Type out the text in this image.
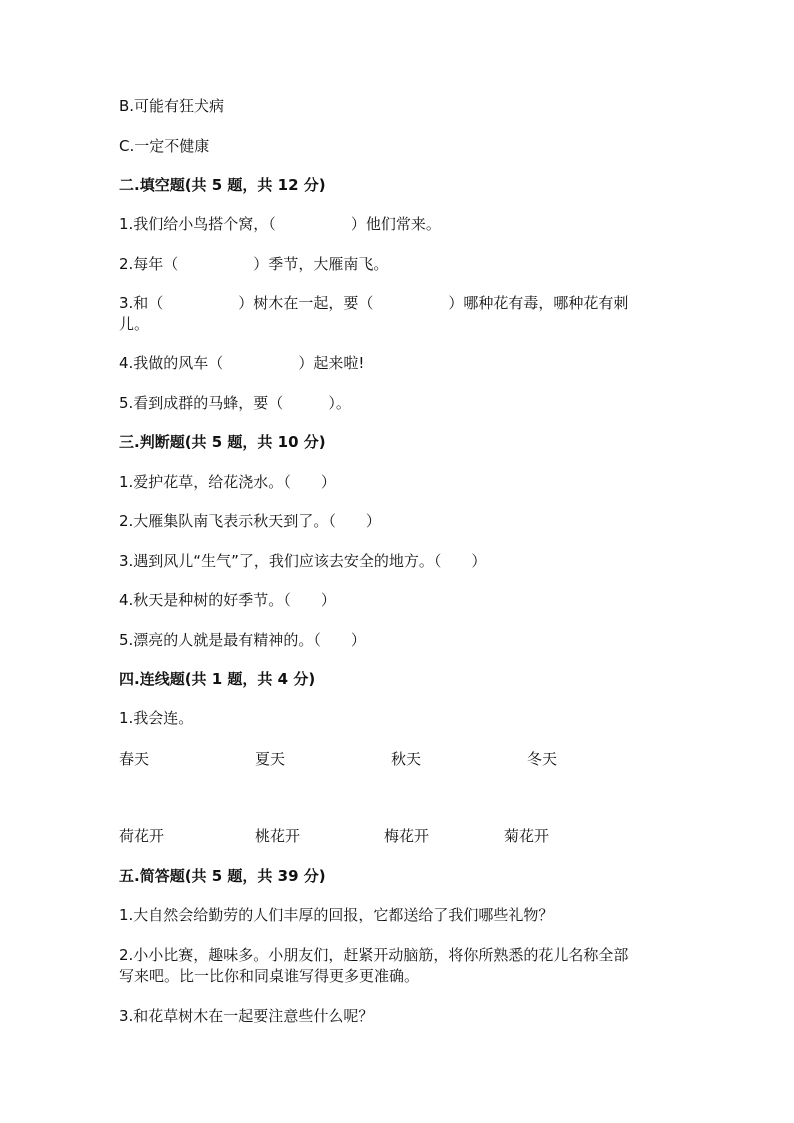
B.可能有狂犬病
C.一定不健康
二.填空题(共 5 题，共 12 分)
1.我们给小鸟搭个窝，（　　　　　）他们常来。
2.每年（　　　　　）季节，大雁南飞。
3.和（　　　　　）树木在一起，要（　　　　　）哪种花有毒，哪种花有刺
儿。
4.我做的风车（　　　　　）起来啦!
5.看到成群的马蜂，要（　　　）。
三.判断题(共 5 题，共 10 分)
1.爱护花草，给花浇水。（　　）
2.大雁集队南飞表示秋天到了。（　　）
3.遇到风儿“生气”了，我们应该去安全的地方。（　　）
4.秋天是种树的好季节。（　　）
5.漂亮的人就是最有精神的。（　　）
四.连线题(共 1 题，共 4 分)
1.我会连。
春天	夏天	秋天	冬天
荷花开	桃花开	梅花开	菊花开
五.简答题(共 5 题，共 39 分)
1.大自然会给勤劳的人们丰厚的回报，它都送给了我们哪些礼物？
2.小小比赛，趣味多。小朋友们，赶紧开动脑筋，将你所熟悉的花儿名称全部
写来吧。比一比你和同桌谁写得更多更准确。
3.和花草树木在一起要注意些什么呢？
